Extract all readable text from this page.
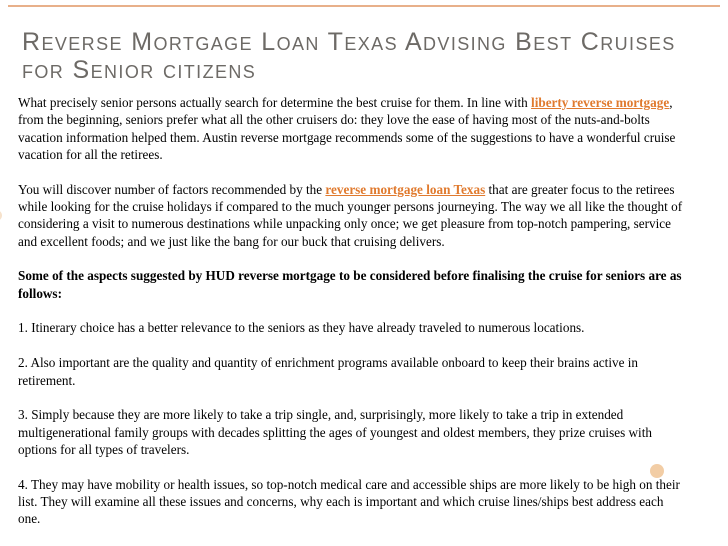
Reverse Mortgage Loan Texas Advising Best Cruises for Senior citizens

What precisely senior persons actually search for determine the best cruise for them. In line with liberty reverse mortgage, from the beginning, seniors prefer what all the other cruisers do: they love the ease of having most of the nuts-and-bolts vacation information helped them. Austin reverse mortgage recommends some of the suggestions to have a wonderful cruise vacation for all the retirees.

You will discover number of factors recommended by the reverse mortgage loan Texas that are greater focus to the retirees while looking for the cruise holidays if compared to the much younger persons journeying. The way we all like the thought of considering a visit to numerous destinations while unpacking only once; we get pleasure from top-notch pampering, service and excellent foods; and we just like the bang for our buck that cruising delivers.

Some of the aspects suggested by HUD reverse mortgage to be considered before finalising the cruise for seniors are as follows:

1. Itinerary choice has a better relevance to the seniors as they have already traveled to numerous locations.

2. Also important are the quality and quantity of enrichment programs available onboard to keep their brains active in retirement.

3. Simply because they are more likely to take a trip single, and, surprisingly, more likely to take a trip in extended multigenerational family groups with decades splitting the ages of youngest and oldest members, they prize cruises with options for all types of travelers.

4. They may have mobility or health issues, so top-notch medical care and accessible ships are more likely to be high on their list. They will examine all these issues and concerns, why each is important and which cruise lines/ships best address each one.
